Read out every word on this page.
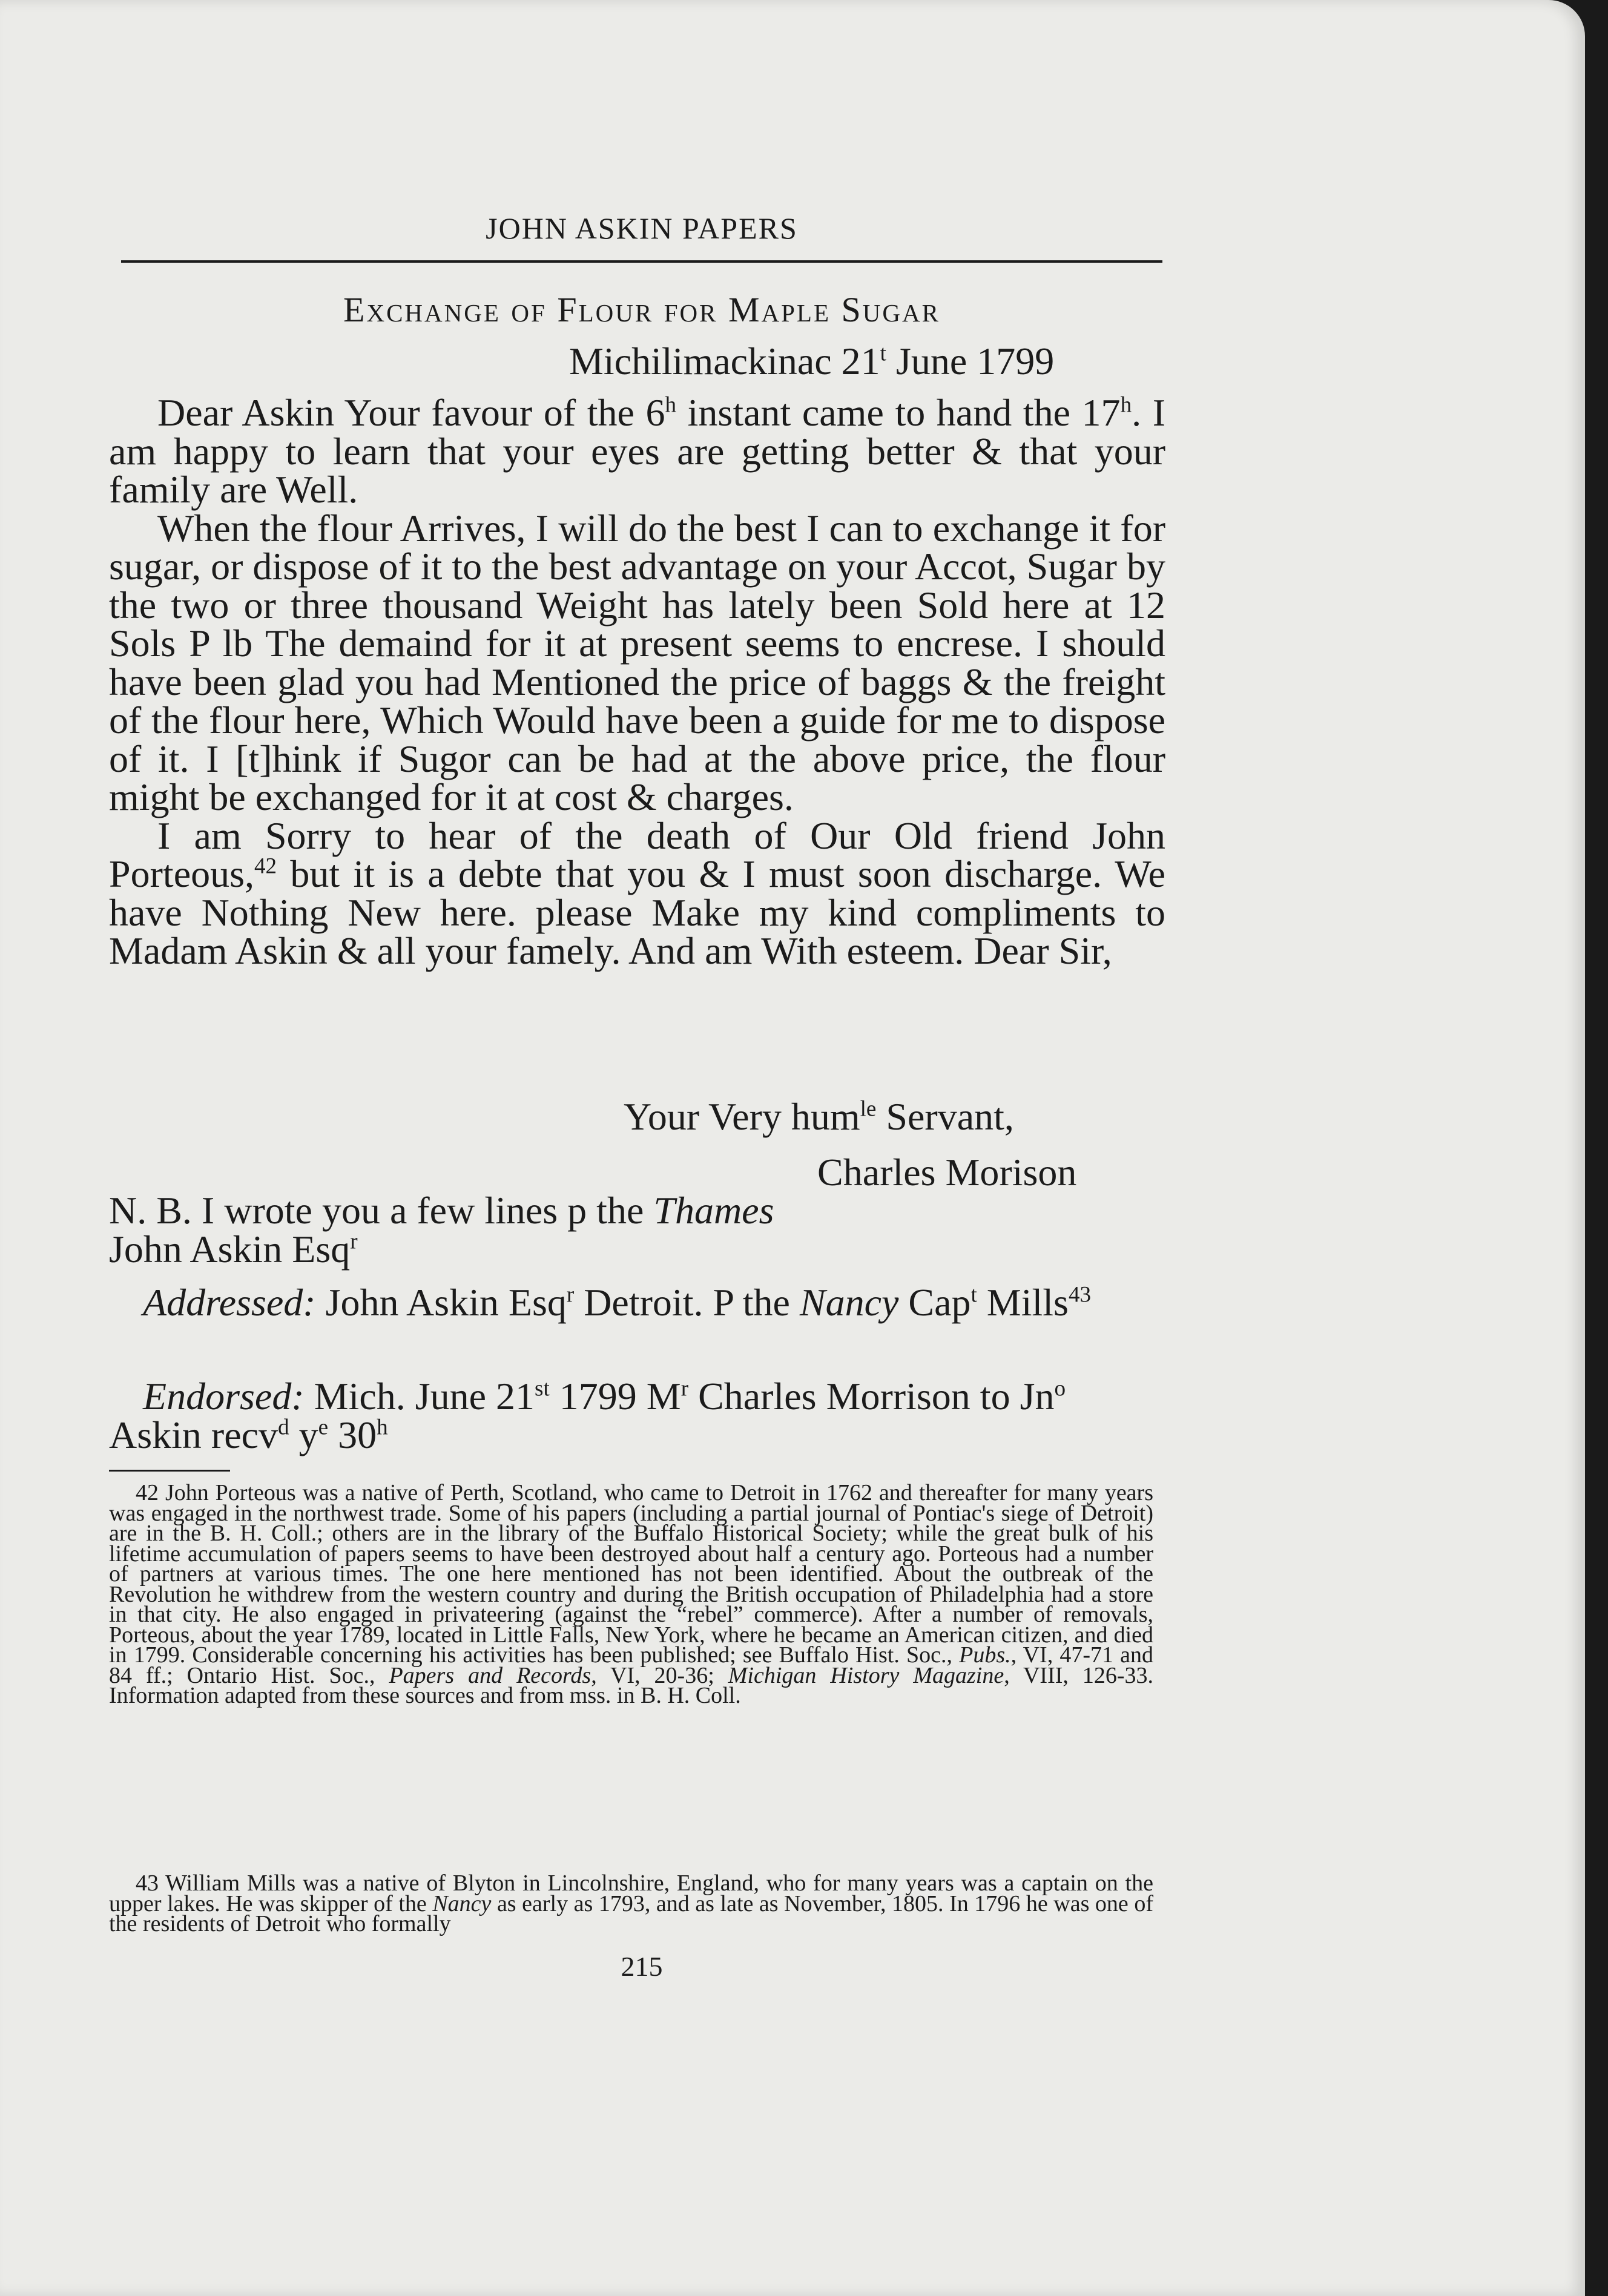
JOHN ASKIN PAPERS
Exchange of Flour for Maple Sugar
Michilimackinac 21$^t$ June 1799

Dear Askin Your favour of the 6$^h$ instant came to hand the 17$^h$. I am happy to learn that your eyes are getting better & that your family are Well.

When the flour Arrives, I will do the best I can to exchange it for sugar, or dispose of it to the best advantage on your Accot, Sugar by the two or three thousand Weight has lately been Sold here at 12 Sols P lb The demaind for it at present seems to encrese. I should have been glad you had Mentioned the price of baggs & the freight of the flour here, Which Would have been a guide for me to dispose of it. I [t]hink if Sugor can be had at the above price, the flour might be exchanged for it at cost & charges.

I am Sorry to hear of the death of Our Old friend John Porteous,$^{42}$ but it is a debte that you & I must soon discharge. We have Nothing New here. please Make my kind compliments to Madam Askin & all your famely. And am With esteem. Dear Sir,

Your Very hum$^{le}$ Servant,
Charles Morison
N. B. I wrote you a few lines p the Thames
John Askin Esq$^r$

Addressed: John Askin Esq$^r$ Detroit. P the Nancy Cap$^t$ Mills$^{43}$

Endorsed: Mich. June 21st 1799 $M^r$ Charles Morrison to Jn$^o$ Askin recv$^d$ $y^e$ 30$^h$

42 John Porteous was a native of Perth, Scotland, who came to Detroit in 1762 and thereafter for many years was engaged in the northwest trade. Some of his papers (including a partial journal of Pontiac's siege of Detroit) are in the B. H. Coll.; others are in the library of the Buffalo Historical Society; while the great bulk of his lifetime accumulation of papers seems to have been destroyed about half a century ago. Porteous had a number of partners at various times. The one here mentioned has not been identified. About the outbreak of the Revolution he withdrew from the western country and during the British occupation of Philadelphia had a store in that city. He also engaged in privateering (against the “rebel” commerce). After a number of removals, Porteous, about the year 1789, located in Little Falls, New York, where he became an American citizen, and died in 1799. Considerable concerning his activities has been published; see Buffalo Hist. Soc., Pubs., VI, 47-71 and 84 ff.; Ontario Hist. Soc., Papers and Records, VI, 20-36; Michigan History Magazine, VIII, 126-33. Information adapted from these sources and from mss. in B. H. Coll.

43 William Mills was a native of Blyton in Lincolnshire, England, who for many years was a captain on the upper lakes. He was skipper of the Nancy as early as 1793, and as late as November, 1805. In 1796 he was one of the residents of Detroit who formally

215
